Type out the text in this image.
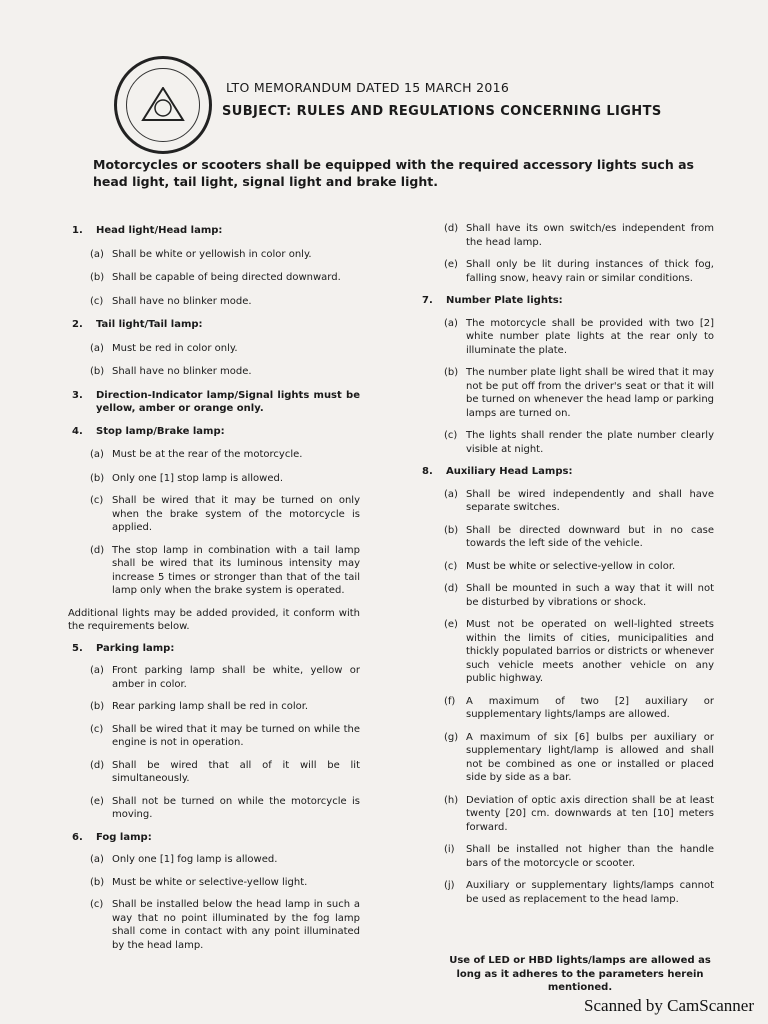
LTO MEMORANDUM DATED 15 MARCH 2016
SUBJECT: RULES AND REGULATIONS CONCERNING LIGHTS
Motorcycles or scooters shall be equipped with the required accessory lights such as head light, tail light, signal light and brake light.
1.	Head light/Head lamp:
(a) Shall be white or yellowish in color only.
(b) Shall be capable of being directed downward.
(c) Shall have no blinker mode.
2.	Tail light/Tail lamp:
(a) Must be red in color only.
(b) Shall have no blinker mode.
3.	Direction-Indicator lamp/Signal lights must be yellow, amber or orange only.
4.	Stop lamp/Brake lamp:
(a) Must be at the rear of the motorcycle.
(b) Only one [1] stop lamp is allowed.
(c) Shall be wired that it may be turned on only when the brake system of the motorcycle is applied.
(d) The stop lamp in combination with a tail lamp shall be wired that its luminous intensity may increase 5 times or stronger than that of the tail lamp only when the brake system is operated.

Additional lights may be added provided, it conform with the requirements below.

5.	Parking lamp:
(a) Front parking lamp shall be white, yellow or amber in color.
(b) Rear parking lamp shall be red in color.
(c) Shall be wired that it may be turned on while the engine is not in operation.
(d) Shall be wired that all of it will be lit simultaneously.
(e) Shall not be turned on while the motorcycle is moving.
6.	Fog lamp:
(a) Only one [1] fog lamp is allowed.
(b) Must be white or selective-yellow light.
(c) Shall be installed below the head lamp in such a way that no point illuminated by the fog lamp shall come in contact with any point illuminated by the head lamp.
(d) Shall have its own switch/es independent from the head lamp.
(e) Shall only be lit during instances of thick fog, falling snow, heavy rain or similar conditions.
7.	Number Plate lights:
(a) The motorcycle shall be provided with two [2] white number plate lights at the rear only to illuminate the plate.
(b) The number plate light shall be wired that it may not be put off from the driver's seat or that it will be turned on whenever the head lamp or parking lamps are turned on.
(c) The lights shall render the plate number clearly visible at night.
8.	Auxiliary Head Lamps:
(a) Shall be wired independently and shall have separate switches.
(b) Shall be directed downward but in no case towards the left side of the vehicle.
(c) Must be white or selective-yellow in color.
(d) Shall be mounted in such a way that it will not be disturbed by vibrations or shock.
(e) Must not be operated on well-lighted streets within the limits of cities, municipalities and thickly populated barrios or districts or whenever such vehicle meets another vehicle on any public highway.
(f)	A maximum of two [2] auxiliary or supplementary lights/lamps are allowed.
(g) A maximum of six [6] bulbs per auxiliary or supplementary light/lamp is allowed and shall not be combined as one or installed or placed side by side as a bar.
(h) Deviation of optic axis direction shall be at least twenty [20] cm. downwards at ten [10] meters forward.
(i)	Shall be installed not higher than the handle bars of the motorcycle or scooter.
(j)	Auxiliary or supplementary lights/lamps cannot be used as replacement to the head lamp.
Use of LED or HBD lights/lamps are allowed as long as it adheres to the parameters herein mentioned.
Scanned by CamScanner
